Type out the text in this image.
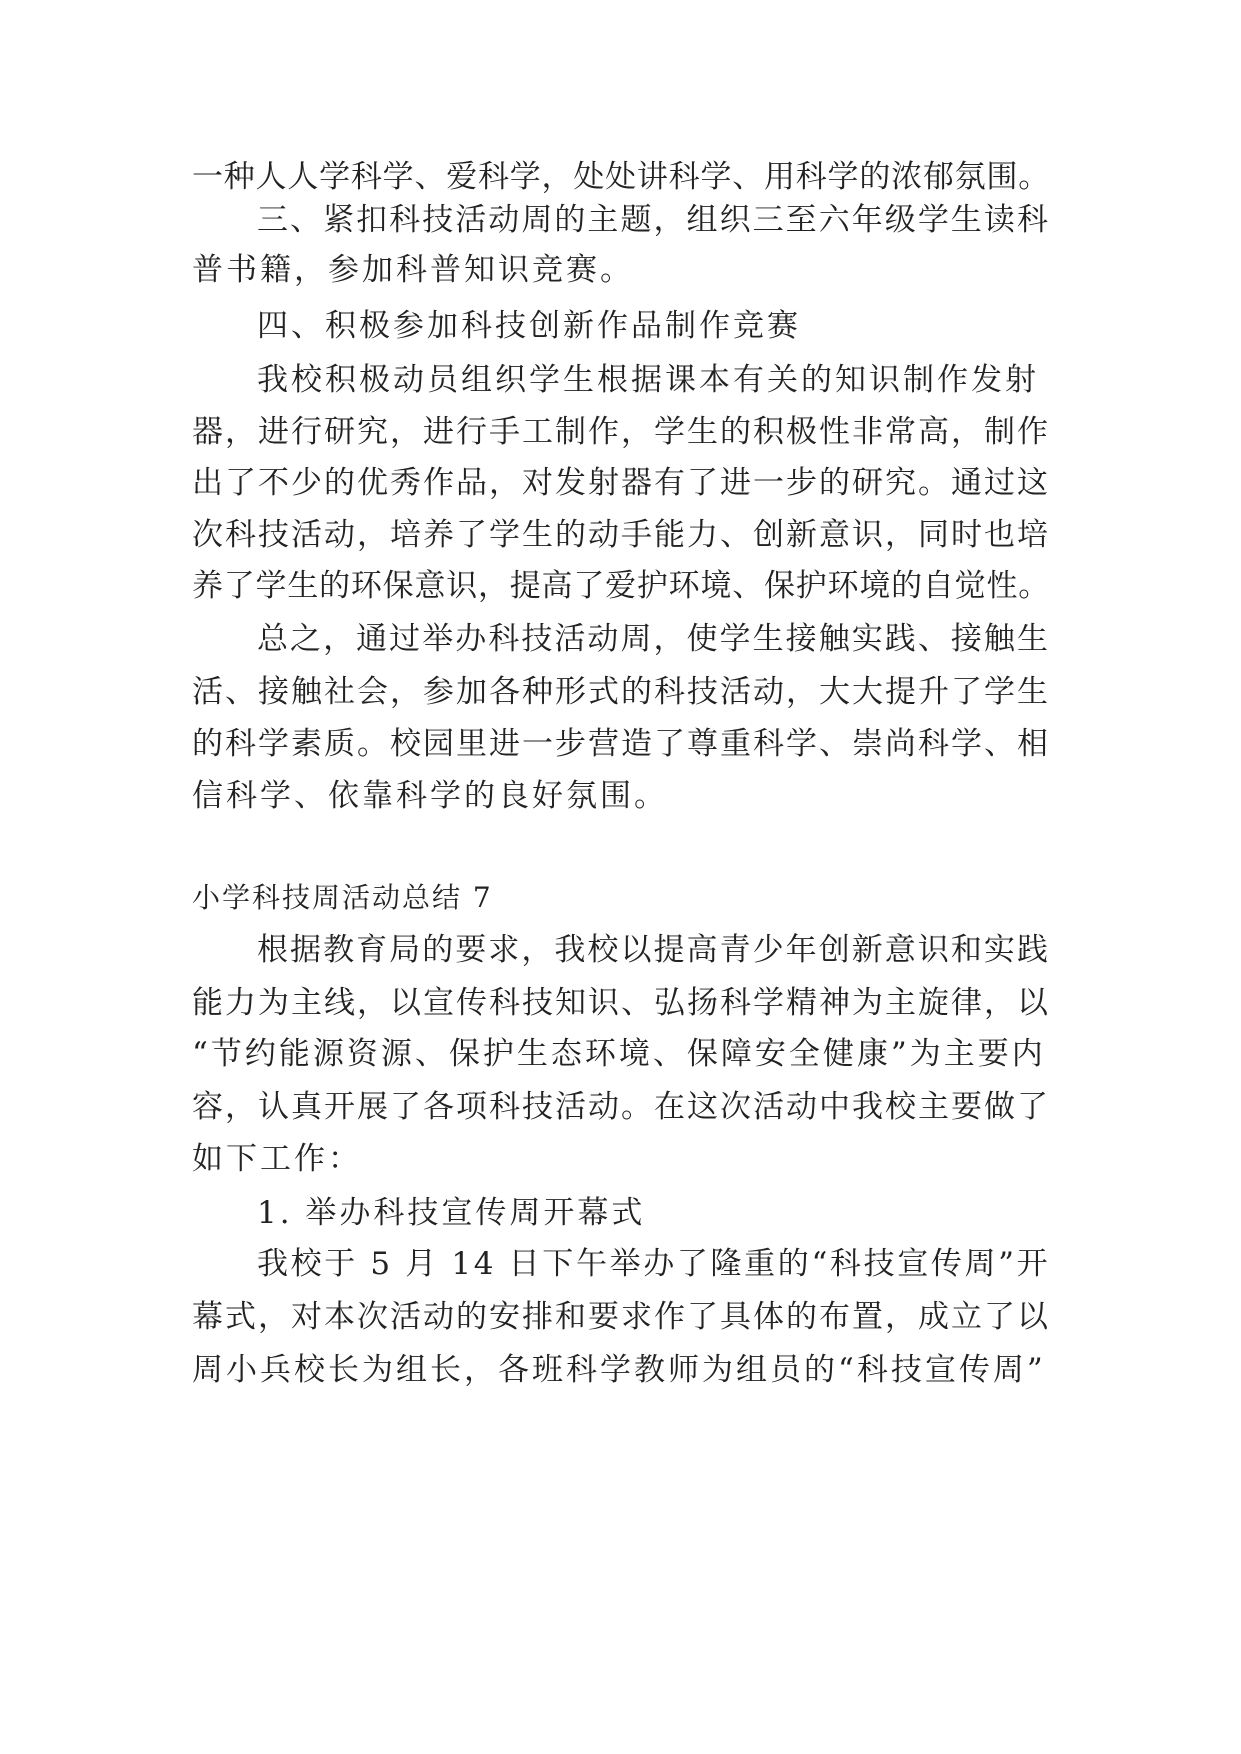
一种人人学科学、爱科学，处处讲科学、用科学的浓郁氛围。
三、紧扣科技活动周的主题，组织三至六年级学生读科
普书籍，参加科普知识竞赛。
四、积极参加科技创新作品制作竞赛
我校积极动员组织学生根据课本有关的知识制作发射
器，进行研究，进行手工制作，学生的积极性非常高，制作
出了不少的优秀作品，对发射器有了进一步的研究。通过这
次科技活动，培养了学生的动手能力、创新意识，同时也培
养了学生的环保意识，提高了爱护环境、保护环境的自觉性。
总之，通过举办科技活动周，使学生接触实践、接触生
活、接触社会，参加各种形式的科技活动，大大提升了学生
的科学素质。校园里进一步营造了尊重科学、崇尚科学、相
信科学、依靠科学的良好氛围。
小学科技周活动总结 7
根据教育局的要求，我校以提高青少年创新意识和实践
能力为主线，以宣传科技知识、弘扬科学精神为主旋律，以
“节约能源资源、保护生态环境、保障安全健康”为主要内
容，认真开展了各项科技活动。在这次活动中我校主要做了
如下工作：
1. 举办科技宣传周开幕式
我校于 5 月 14 日下午举办了隆重的“科技宣传周”开
幕式，对本次活动的安排和要求作了具体的布置，成立了以
周小兵校长为组长，各班科学教师为组员的“科技宣传周”
